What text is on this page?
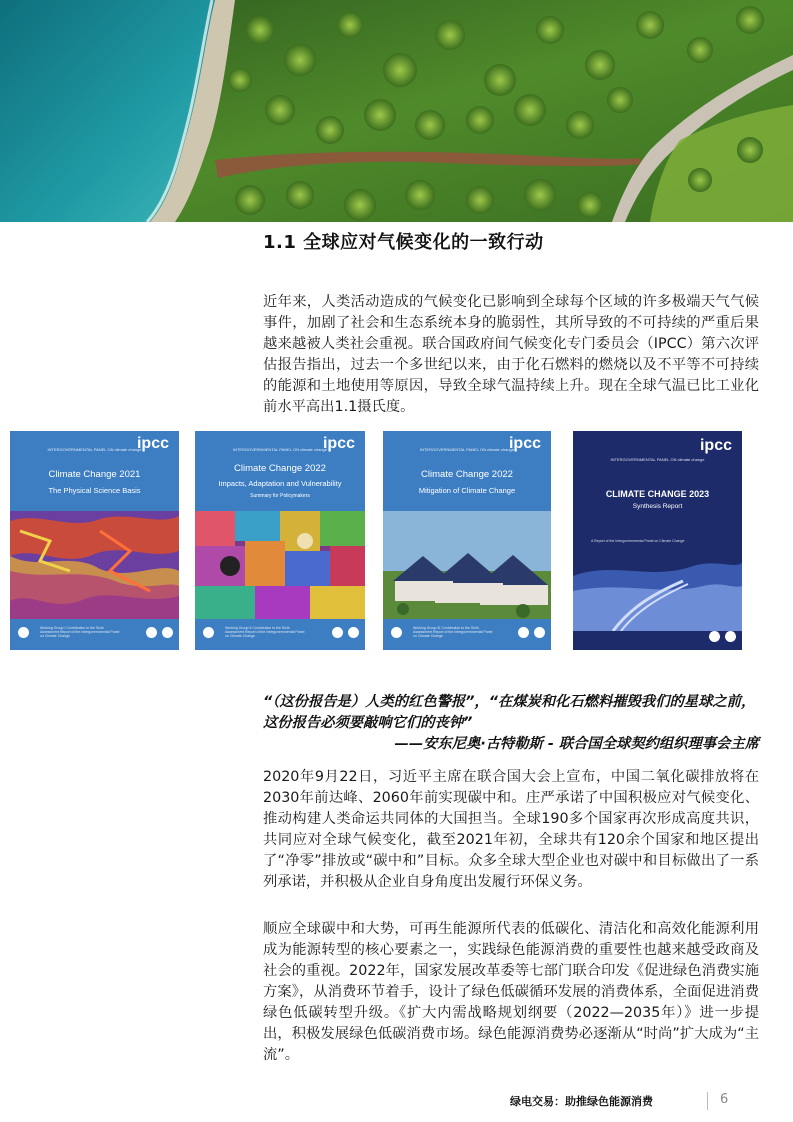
1.1 全球应对气候变化的一致行动

近年来，人类活动造成的气候变化已影响到全球每个区域的许多极端天气气候事件，加剧了社会和生态系统本身的脆弱性，其所导致的不可持续的严重后果越来越被人类社会重视。联合国政府间气候变化专门委员会（IPCC）第六次评估报告指出，过去一个多世纪以来，由于化石燃料的燃烧以及不平等不可持续的能源和土地使用等原因，导致全球气温持续上升。现在全球气温已比工业化前水平高出1.1摄氏度。

ipcc
INTERGOVERNMENTAL PANEL ON climate change
Climate Change 2021
The Physical Science Basis
Working Group I Contribution to the Sixth Assessment Report of the Intergovernmental Panel on Climate Change
ipcc
INTERGOVERNMENTAL PANEL ON climate change
Climate Change 2022
Impacts, Adaptation and Vulnerability
Summary for Policymakers
Working Group II Contribution to the Sixth Assessment Report of the Intergovernmental Panel on Climate Change
ipcc
INTERGOVERNMENTAL PANEL ON climate change
Climate Change 2022
Mitigation of Climate Change
Working Group III Contribution to the Sixth Assessment Report of the Intergovernmental Panel on Climate Change
ipcc
INTERGOVERNMENTAL PANEL ON climate change
CLIMATE CHANGE 2023
Synthesis Report
A Report of the Intergovernmental Panel on Climate Change
“（这份报告是）人类的红色警报”，“在煤炭和化石燃料摧毁我们的星球之前，这份报告必须要敲响它们的丧钟”
——安东尼奥·古特勒斯 - 联合国全球契约组织理事会主席

2020年9月22日，习近平主席在联合国大会上宣布，中国二氧化碳排放将在2030年前达峰、2060年前实现碳中和。庄严承诺了中国积极应对气候变化、推动构建人类命运共同体的大国担当。全球190多个国家再次形成高度共识，共同应对全球气候变化，截至2021年初，全球共有120余个国家和地区提出了“净零”排放或“碳中和”目标。众多全球大型企业也对碳中和目标做出了一系列承诺，并积极从企业自身角度出发履行环保义务。

顺应全球碳中和大势，可再生能源所代表的低碳化、清洁化和高效化能源利用成为能源转型的核心要素之一，实践绿色能源消费的重要性也越来越受政商及社会的重视。2022年，国家发展改革委等七部门联合印发《促进绿色消费实施方案》，从消费环节着手，设计了绿色低碳循环发展的消费体系，全面促进消费绿色低碳转型升级。《扩大内需战略规划纲要（2022—2035年）》进一步提出，积极发展绿色低碳消费市场。绿色能源消费势必逐渐从“时尚”扩大成为“主流”。

绿电交易：助推绿色能源消费	6
